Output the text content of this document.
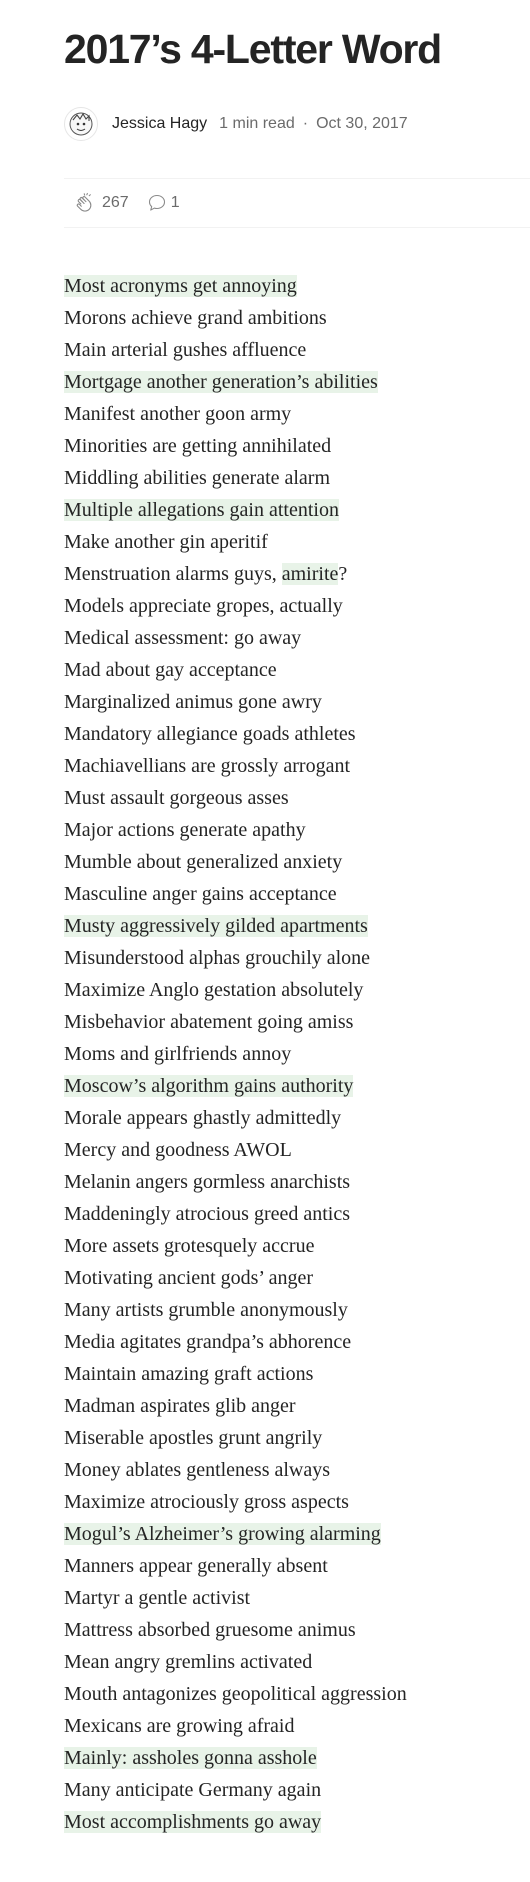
2017’s 4-Letter Word
Jessica Hagy 1 min read · Oct 30, 2017
267	1
Most acronyms get annoying
Morons achieve grand ambitions
Main arterial gushes affluence
Mortgage another generation’s abilities
Manifest another goon army
Minorities are getting annihilated
Middling abilities generate alarm
Multiple allegations gain attention
Make another gin aperitif
Menstruation alarms guys, amirite?
Models appreciate gropes, actually
Medical assessment: go away
Mad about gay acceptance
Marginalized animus gone awry
Mandatory allegiance goads athletes
Machiavellians are grossly arrogant
Must assault gorgeous asses
Major actions generate apathy
Mumble about generalized anxiety
Masculine anger gains acceptance
Musty aggressively gilded apartments
Misunderstood alphas grouchily alone
Maximize Anglo gestation absolutely
Misbehavior abatement going amiss
Moms and girlfriends annoy
Moscow’s algorithm gains authority
Morale appears ghastly admittedly
Mercy and goodness AWOL
Melanin angers gormless anarchists
Maddeningly atrocious greed antics
More assets grotesquely accrue
Motivating ancient gods’ anger
Many artists grumble anonymously
Media agitates grandpa’s abhorence
Maintain amazing graft actions
Madman aspirates glib anger
Miserable apostles grunt angrily
Money ablates gentleness always
Maximize atrociously gross aspects
Mogul’s Alzheimer’s growing alarming
Manners appear generally absent
Martyr a gentle activist
Mattress absorbed gruesome animus
Mean angry gremlins activated
Mouth antagonizes geopolitical aggression
Mexicans are growing afraid
Mainly: assholes gonna asshole
Many anticipate Germany again
Most accomplishments go away
